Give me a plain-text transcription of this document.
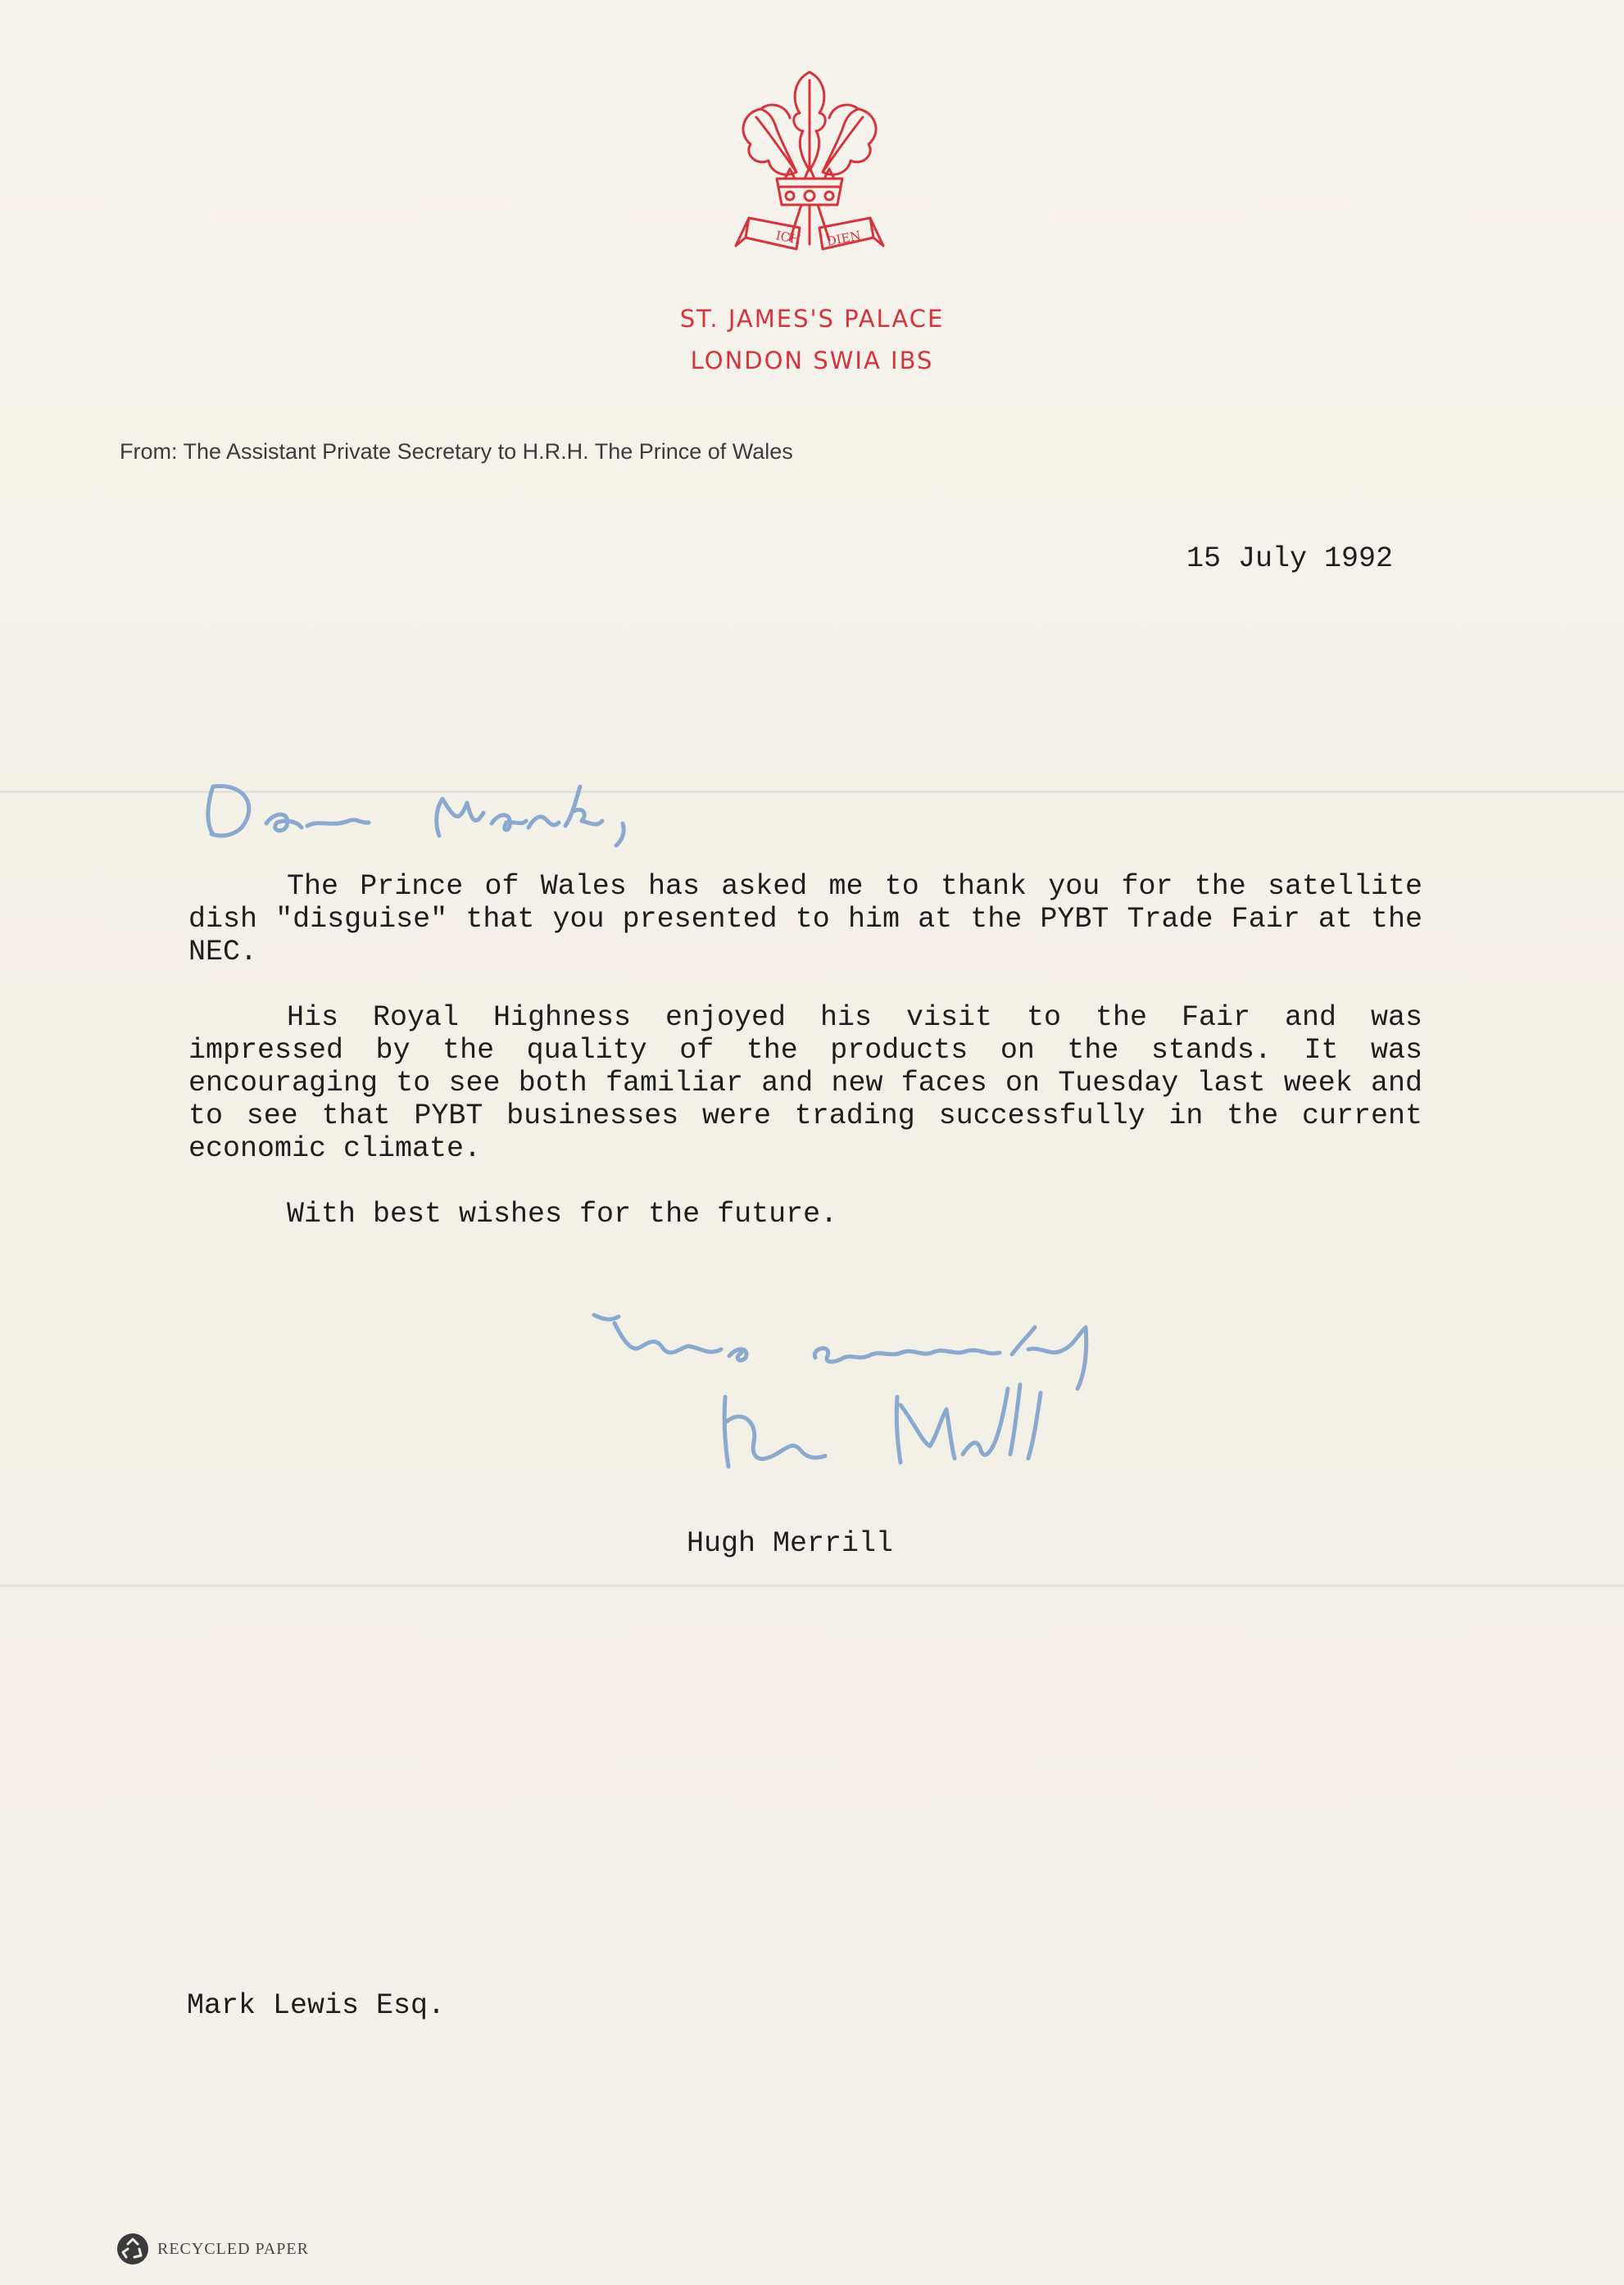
ICH DIEN
ST. JAMES'S PALACE
LONDON SWIA IBS
From: The Assistant Private Secretary to H.R.H. The Prince of Wales
15 July 1992

The Prince of Wales has asked me to thank you for the satellite dish "disguise" that you presented to him at the PYBT Trade Fair at the NEC.

His Royal Highness enjoyed his visit to the Fair and was impressed by the quality of the products on the stands. It was encouraging to see both familiar and new faces on Tuesday last week and to see that PYBT businesses were trading successfully in the current economic climate.

With best wishes for the future.

Hugh Merrill
Mark Lewis Esq.
RECYCLED PAPER
